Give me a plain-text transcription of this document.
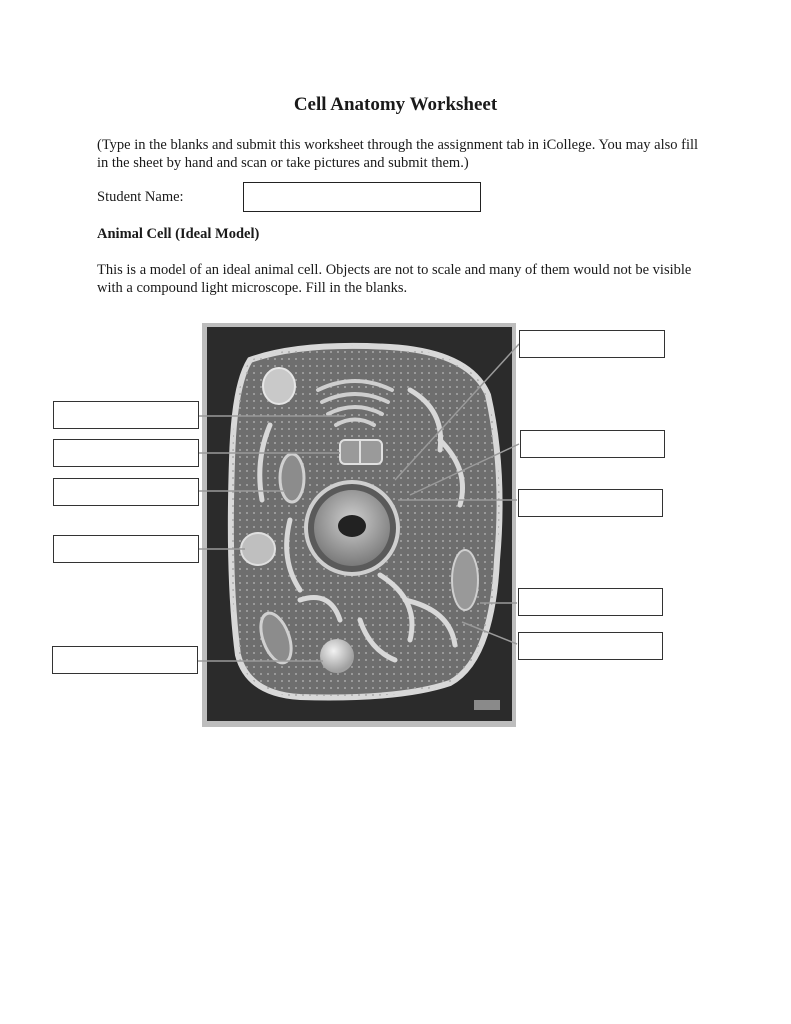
Cell Anatomy Worksheet
(Type in the blanks and submit this worksheet through the assignment tab in iCollege. You may also fill in the sheet by hand and scan or take pictures and submit them.)
Student Name:
Animal Cell (Ideal Model)
This is a model of an ideal animal cell. Objects are not to scale and many of them would not be visible with a compound light microscope. Fill in the blanks.
